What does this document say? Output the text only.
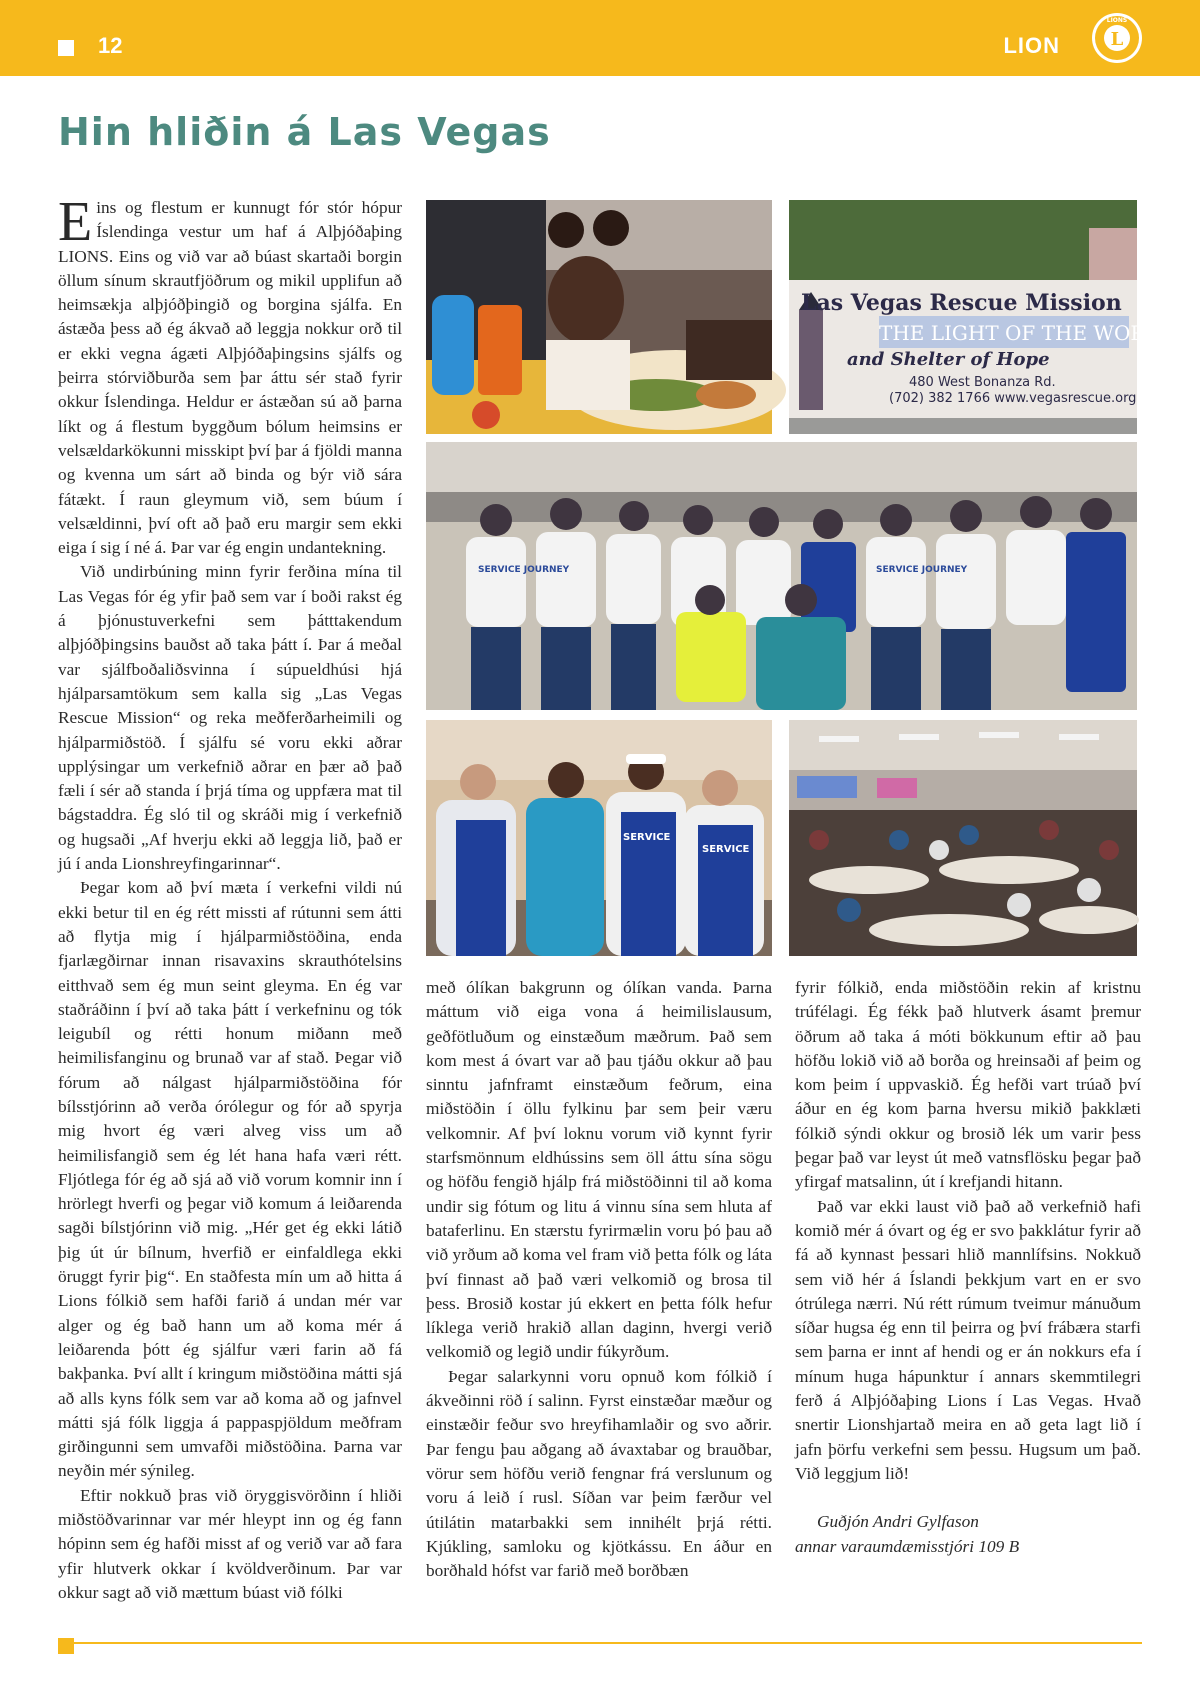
12	LION	L
LIONS
Hin hliðin á Las Vegas

Eins og flestum er kunnugt fór stór hópur Íslendinga vestur um haf á Alþjóðaþing LIONS. Eins og við var að búast skartaði borgin öllum sínum skrautfjöðrum og mikil upplifun að heimsækja alþjóðþingið og borgina sjálfa. En ástæða þess að ég ákvað að leggja nokkur orð til er ekki vegna ágæti Alþjóðaþingsins sjálfs og þeirra stórviðburða sem þar áttu sér stað fyrir okkur Íslendinga. Heldur er ástæðan sú að þarna líkt og á flestum byggðum bólum heimsins er velsældarkökunni misskipt því þar á fjöldi manna og kvenna um sárt að binda og býr við sára fátækt. Í raun gleymum við, sem búum í velsældinni, því oft að það eru margir sem ekki eiga í sig í né á. Þar var ég engin undantekning.

Við undirbúning minn fyrir ferðina mína til Las Vegas fór ég yfir það sem var í boði rakst ég á þjónustuverkefni sem þátttakendum alþjóðþingsins bauðst að taka þátt í. Þar á meðal var sjálfboðaliðsvinna í súpueldhúsi hjá hjálparsamtökum sem kalla sig „Las Vegas Rescue Mission“ og reka meðferðarheimili og hjálparmiðstöð. Í sjálfu sé voru ekki aðrar upplýsingar um verkefnið aðrar en þær að það fæli í sér að standa í þrjá tíma og uppfæra mat til bágstaddra. Ég sló til og skráði mig í verkefnið og hugsaði „Af hverju ekki að leggja lið, það er jú í anda Lionshreyfingarinnar“.

Þegar kom að því mæta í verkefni vildi nú ekki betur til en ég rétt missti af rútunni sem átti að flytja mig í hjálparmiðstöðina, enda fjarlægðirnar innan risavaxins skrauthótelsins eitthvað sem ég mun seint gleyma. En ég var staðráðinn í því að taka þátt í verkefninu og tók leigubíl og rétti honum miðann með heimilisfanginu og brunað var af stað. Þegar við fórum að nálgast hjálparmiðstöðina fór bílsstjórinn að verða órólegur og fór að spyrja mig hvort ég væri alveg viss um að heimilisfangið sem ég lét hana hafa væri rétt. Fljótlega fór ég að sjá að við vorum komnir inn í hrörlegt hverfi og þegar við komum á leiðarenda sagði bílstjórinn við mig. „Hér get ég ekki látið þig út úr bílnum, hverfið er einfaldlega ekki öruggt fyrir þig“. En staðfesta mín um að hitta á Lions fólkið sem hafði farið á undan mér var alger og ég bað hann um að koma mér á leiðarenda þótt ég sjálfur væri farin að fá bakþanka. Því allt í kringum miðstöðina mátti sjá að alls kyns fólk sem var að koma að og jafnvel mátti sjá fólk liggja á pappaspjöldum meðfram girðingunni sem umvafði miðstöðina. Þarna var neyðin mér sýnileg.

Eftir nokkuð þras við öryggisvörðinn í hliði miðstöðvarinnar var mér hleypt inn og ég fann hópinn sem ég hafði misst af og verið var að fara yfir hlutverk okkar í kvöldverðinum. Þar var okkur sagt að við mættum búast við fólki

Las Vegas Rescue Mission
THE LIGHT OF THE WORLD
and Shelter of Hope
480 West Bonanza Rd.
(702) 382 1766 www.vegasrescue.org
SERVICE JOURNEY	SERVICE JOURNEY
SERVICE
SERVICE

með ólíkan bakgrunn og ólíkan vanda. Þarna máttum við eiga vona á heimilislausum, geðfötluðum og einstæðum mæðrum. Það sem kom mest á óvart var að þau tjáðu okkur að þau sinntu jafnframt einstæðum feðrum, eina miðstöðin í öllu fylkinu þar sem þeir væru velkomnir. Af því loknu vorum við kynnt fyrir starfsmönnum eldhússins sem öll áttu sína sögu og höfðu fengið hjálp frá miðstöðinni til að koma undir sig fótum og litu á vinnu sína sem hluta af bataferlinu. En stærstu fyrirmælin voru þó þau að við yrðum að koma vel fram við þetta fólk og láta því finnast að það væri velkomið og brosa til þess. Brosið kostar jú ekkert en þetta fólk hefur líklega verið hrakið allan daginn, hvergi verið velkomið og legið undir fúkyrðum.

Þegar salarkynni voru opnuð kom fólkið í ákveðinni röð í salinn. Fyrst einstæðar mæður og einstæðir feður svo hreyfihamlaðir og svo aðrir. Þar fengu þau aðgang að ávaxtabar og brauðbar, vörur sem höfðu verið fengnar frá verslunum og voru á leið í rusl. Síðan var þeim færður vel útilátin matarbakki sem innihélt þrjá rétti. Kjúkling, samloku og kjötkássu. En áður en borðhald hófst var farið með borðbæn

fyrir fólkið, enda miðstöðin rekin af kristnu trúfélagi. Ég fékk það hlutverk ásamt þremur öðrum að taka á móti bökkunum eftir að þau höfðu lokið við að borða og hreinsaði af þeim og kom þeim í uppvaskið. Ég hefði vart trúað því áður en ég kom þarna hversu mikið þakklæti fólkið sýndi okkur og brosið lék um varir þess þegar það var leyst út með vatnsflösku þegar það yfirgaf matsalinn, út í krefjandi hitann.

Það var ekki laust við það að verkefnið hafi komið mér á óvart og ég er svo þakklátur fyrir að fá að kynnast þessari hlið mannlífsins. Nokkuð sem við hér á Íslandi þekkjum vart en er svo ótrúlega nærri. Nú rétt rúmum tveimur mánuðum síðar hugsa ég enn til þeirra og því frábæra starfi sem þarna er innt af hendi og er án nokkurs efa í mínum huga hápunktur í annars skemmtilegri ferð á Alþjóðaþing Lions í Las Vegas. Hvað snertir Lionshjartað meira en að geta lagt lið í jafn þörfu verkefni sem þessu. Hugsum um það. Við leggjum lið!

Guðjón Andri Gylfason

annar varaumdæmisstjóri 109 B
